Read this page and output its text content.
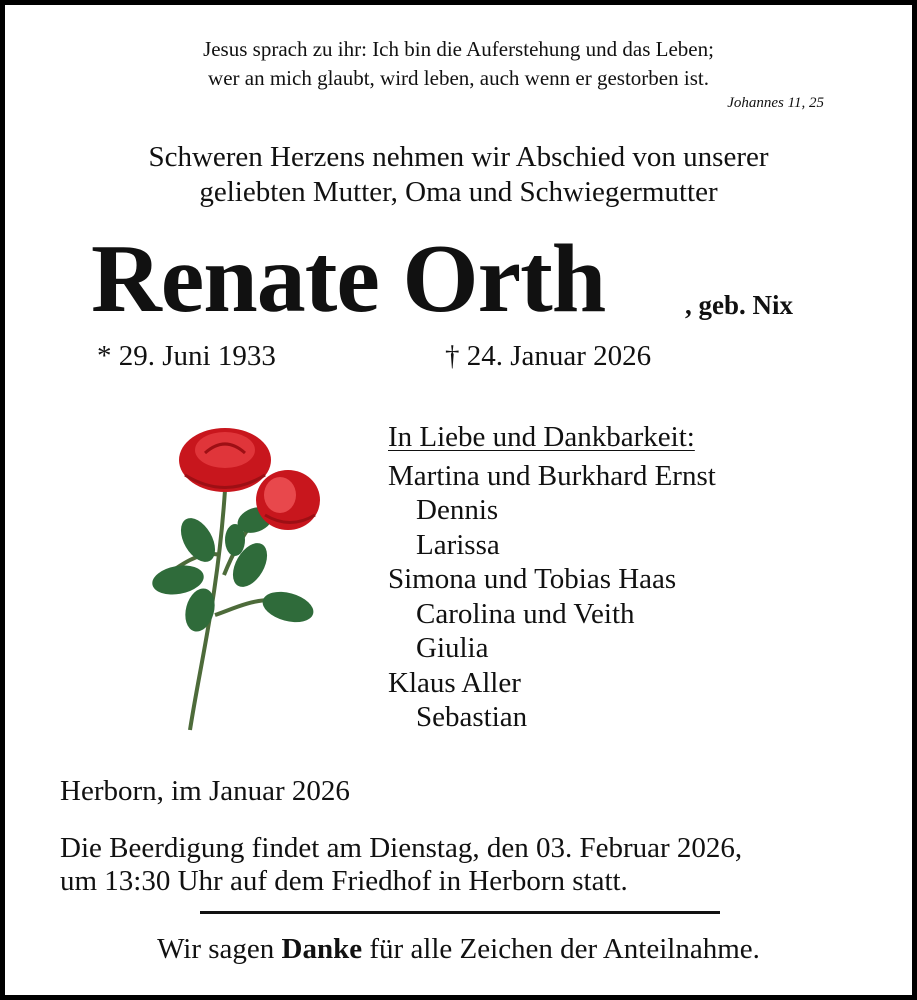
Jesus sprach zu ihr: Ich bin die Auferstehung und das Leben;
wer an mich glaubt, wird leben, auch wenn er gestorben ist.
Johannes 11, 25
Schweren Herzens nehmen wir Abschied von unserer
geliebten Mutter, Oma und Schwiegermutter
Renate Orth	, geb. Nix
* 29. Juni 1933	† 24. Januar 2026
In Liebe und Dankbarkeit:
Martina und Burkhard Ernst
Dennis
Larissa
Simona und Tobias Haas
Carolina und Veith
Giulia
Klaus Aller
Sebastian
Herborn, im Januar 2026
Die Beerdigung findet am Dienstag, den 03. Februar 2026,
um 13:30 Uhr auf dem Friedhof in Herborn statt.
Wir sagen Danke für alle Zeichen der Anteilnahme.
